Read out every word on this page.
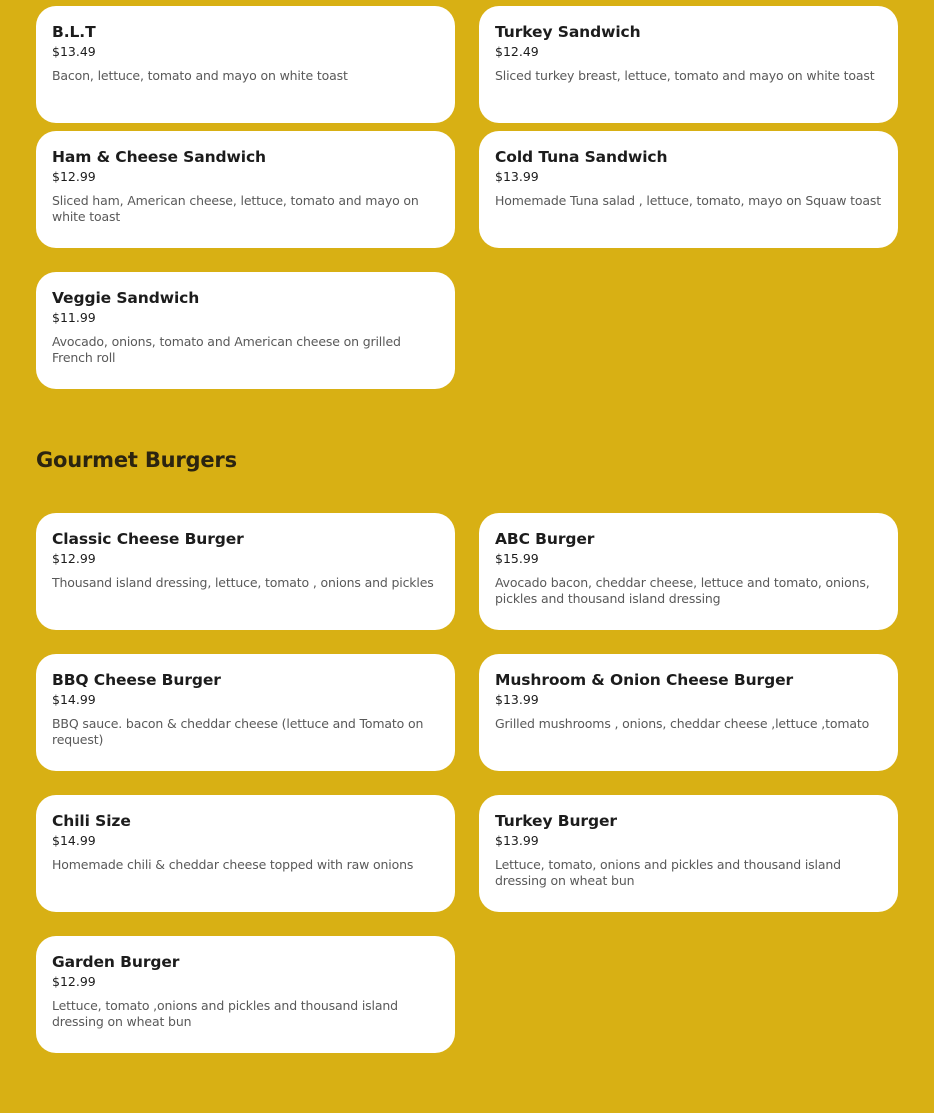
B.L.T
$13.49
Bacon, lettuce, tomato and mayo on white toast
Turkey Sandwich
$12.49
Sliced turkey breast, lettuce, tomato and mayo on white toast
Ham & Cheese Sandwich
$12.99
Sliced ham, American cheese, lettuce, tomato and mayo on white toast
Cold Tuna Sandwich
$13.99
Homemade Tuna salad , lettuce, tomato, mayo on Squaw toast
Veggie Sandwich
$11.99
Avocado, onions, tomato and American cheese on grilled French roll
Gourmet Burgers
Classic Cheese Burger
$12.99
Thousand island dressing, lettuce, tomato , onions and pickles
ABC Burger
$15.99
Avocado bacon, cheddar cheese, lettuce and tomato, onions, pickles and thousand island dressing
BBQ Cheese Burger
$14.99
BBQ sauce. bacon & cheddar cheese (lettuce and Tomato on request)
Mushroom & Onion Cheese Burger
$13.99
Grilled mushrooms , onions, cheddar cheese ,lettuce ,tomato
Chili Size
$14.99
Homemade chili & cheddar cheese topped with raw onions
Turkey Burger
$13.99
Lettuce, tomato, onions and pickles and thousand island dressing on wheat bun
Garden Burger
$12.99
Lettuce, tomato ,onions and pickles and thousand island dressing on wheat bun
